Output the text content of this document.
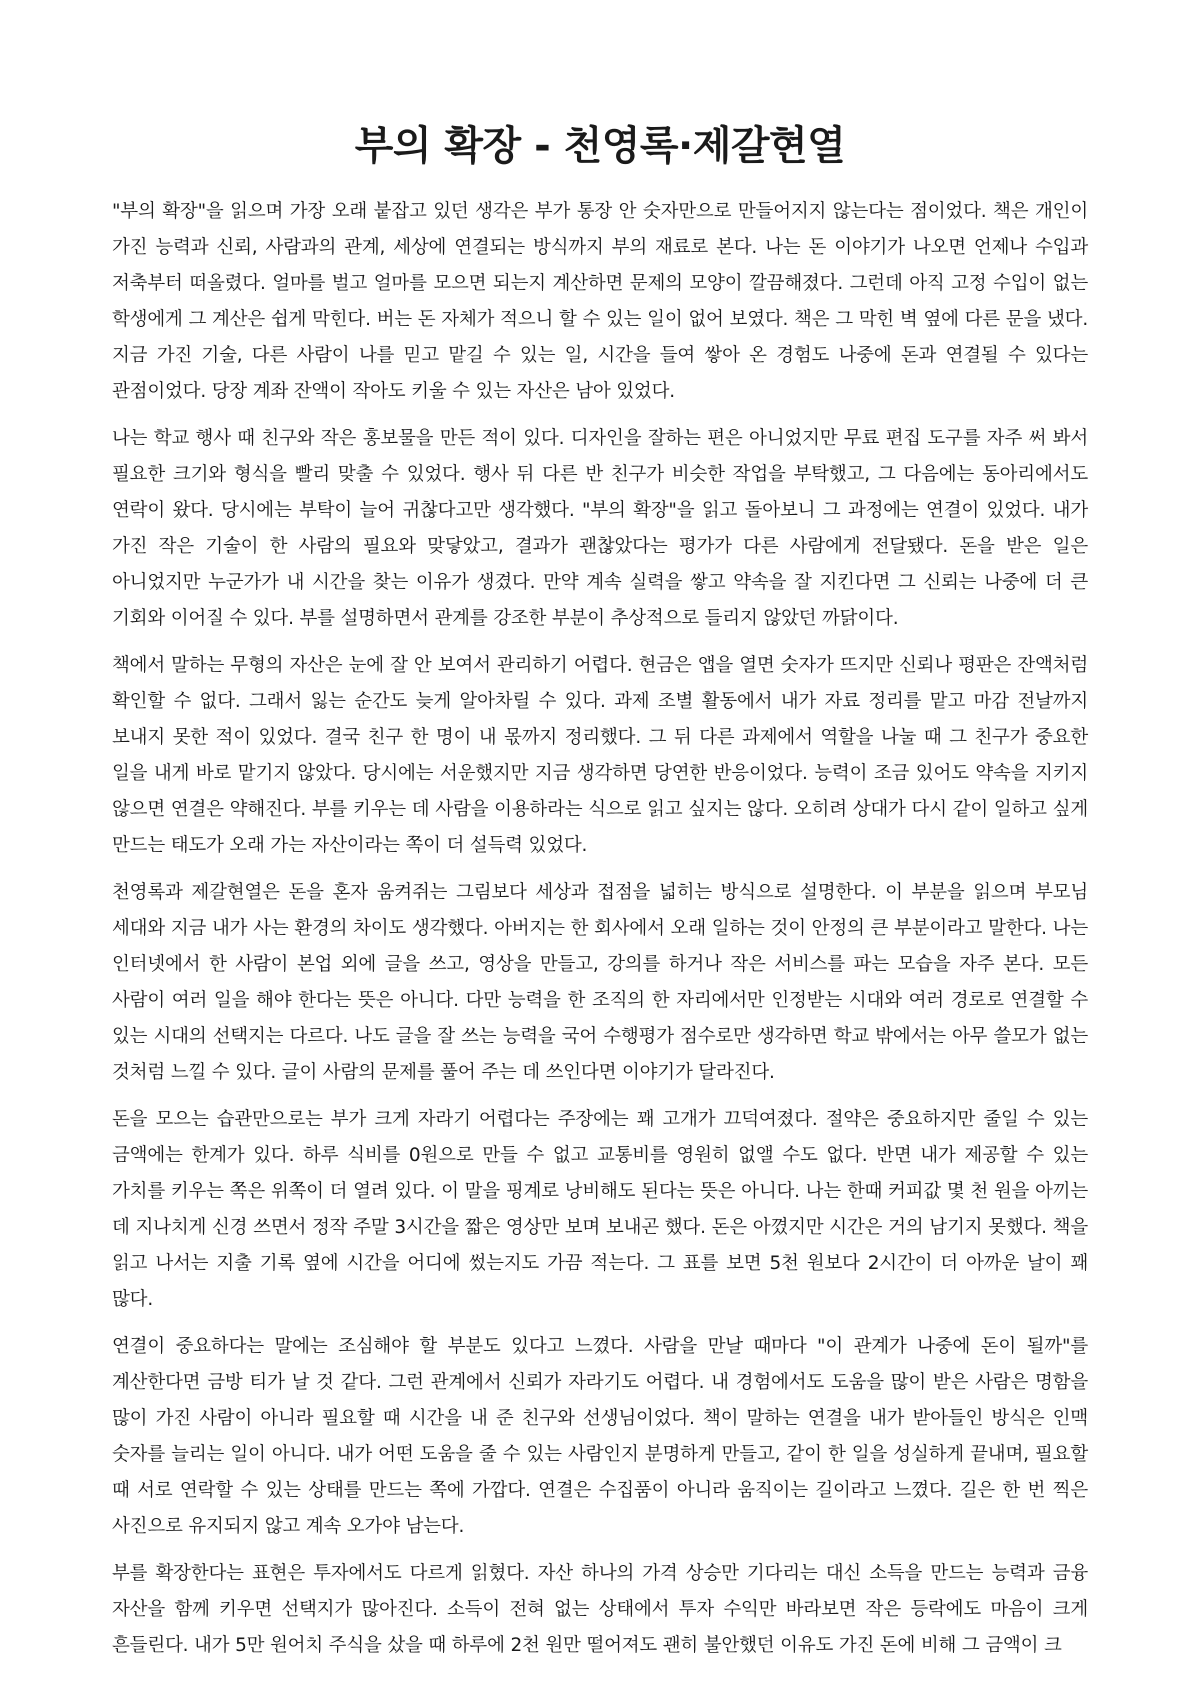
부의 확장 - 천영록·제갈현열

"부의 확장"을 읽으며 가장 오래 붙잡고 있던 생각은 부가 통장 안 숫자만으로 만들어지지 않는다는 점이었다. 책은 개인이 가진 능력과 신뢰, 사람과의 관계, 세상에 연결되는 방식까지 부의 재료로 본다. 나는 돈 이야기가 나오면 언제나 수입과 저축부터 떠올렸다. 얼마를 벌고 얼마를 모으면 되는지 계산하면 문제의 모양이 깔끔해졌다. 그런데 아직 고정 수입이 없는 학생에게 그 계산은 쉽게 막힌다. 버는 돈 자체가 적으니 할 수 있는 일이 없어 보였다. 책은 그 막힌 벽 옆에 다른 문을 냈다. 지금 가진 기술, 다른 사람이 나를 믿고 맡길 수 있는 일, 시간을 들여 쌓아 온 경험도 나중에 돈과 연결될 수 있다는 관점이었다. 당장 계좌 잔액이 작아도 키울 수 있는 자산은 남아 있었다.

나는 학교 행사 때 친구와 작은 홍보물을 만든 적이 있다. 디자인을 잘하는 편은 아니었지만 무료 편집 도구를 자주 써 봐서 필요한 크기와 형식을 빨리 맞출 수 있었다. 행사 뒤 다른 반 친구가 비슷한 작업을 부탁했고, 그 다음에는 동아리에서도 연락이 왔다. 당시에는 부탁이 늘어 귀찮다고만 생각했다. "부의 확장"을 읽고 돌아보니 그 과정에는 연결이 있었다. 내가 가진 작은 기술이 한 사람의 필요와 맞닿았고, 결과가 괜찮았다는 평가가 다른 사람에게 전달됐다. 돈을 받은 일은 아니었지만 누군가가 내 시간을 찾는 이유가 생겼다. 만약 계속 실력을 쌓고 약속을 잘 지킨다면 그 신뢰는 나중에 더 큰 기회와 이어질 수 있다. 부를 설명하면서 관계를 강조한 부분이 추상적으로 들리지 않았던 까닭이다.

책에서 말하는 무형의 자산은 눈에 잘 안 보여서 관리하기 어렵다. 현금은 앱을 열면 숫자가 뜨지만 신뢰나 평판은 잔액처럼 확인할 수 없다. 그래서 잃는 순간도 늦게 알아차릴 수 있다. 과제 조별 활동에서 내가 자료 정리를 맡고 마감 전날까지 보내지 못한 적이 있었다. 결국 친구 한 명이 내 몫까지 정리했다. 그 뒤 다른 과제에서 역할을 나눌 때 그 친구가 중요한 일을 내게 바로 맡기지 않았다. 당시에는 서운했지만 지금 생각하면 당연한 반응이었다. 능력이 조금 있어도 약속을 지키지 않으면 연결은 약해진다. 부를 키우는 데 사람을 이용하라는 식으로 읽고 싶지는 않다. 오히려 상대가 다시 같이 일하고 싶게 만드는 태도가 오래 가는 자산이라는 쪽이 더 설득력 있었다.

천영록과 제갈현열은 돈을 혼자 움켜쥐는 그림보다 세상과 접점을 넓히는 방식으로 설명한다. 이 부분을 읽으며 부모님 세대와 지금 내가 사는 환경의 차이도 생각했다. 아버지는 한 회사에서 오래 일하는 것이 안정의 큰 부분이라고 말한다. 나는 인터넷에서 한 사람이 본업 외에 글을 쓰고, 영상을 만들고, 강의를 하거나 작은 서비스를 파는 모습을 자주 본다. 모든 사람이 여러 일을 해야 한다는 뜻은 아니다. 다만 능력을 한 조직의 한 자리에서만 인정받는 시대와 여러 경로로 연결할 수 있는 시대의 선택지는 다르다. 나도 글을 잘 쓰는 능력을 국어 수행평가 점수로만 생각하면 학교 밖에서는 아무 쓸모가 없는 것처럼 느낄 수 있다. 글이 사람의 문제를 풀어 주는 데 쓰인다면 이야기가 달라진다.

돈을 모으는 습관만으로는 부가 크게 자라기 어렵다는 주장에는 꽤 고개가 끄덕여졌다. 절약은 중요하지만 줄일 수 있는 금액에는 한계가 있다. 하루 식비를 0원으로 만들 수 없고 교통비를 영원히 없앨 수도 없다. 반면 내가 제공할 수 있는 가치를 키우는 쪽은 위쪽이 더 열려 있다. 이 말을 핑계로 낭비해도 된다는 뜻은 아니다. 나는 한때 커피값 몇 천 원을 아끼는 데 지나치게 신경 쓰면서 정작 주말 3시간을 짧은 영상만 보며 보내곤 했다. 돈은 아꼈지만 시간은 거의 남기지 못했다. 책을 읽고 나서는 지출 기록 옆에 시간을 어디에 썼는지도 가끔 적는다. 그 표를 보면 5천 원보다 2시간이 더 아까운 날이 꽤 많다.

연결이 중요하다는 말에는 조심해야 할 부분도 있다고 느꼈다. 사람을 만날 때마다 "이 관계가 나중에 돈이 될까"를 계산한다면 금방 티가 날 것 같다. 그런 관계에서 신뢰가 자라기도 어렵다. 내 경험에서도 도움을 많이 받은 사람은 명함을 많이 가진 사람이 아니라 필요할 때 시간을 내 준 친구와 선생님이었다. 책이 말하는 연결을 내가 받아들인 방식은 인맥 숫자를 늘리는 일이 아니다. 내가 어떤 도움을 줄 수 있는 사람인지 분명하게 만들고, 같이 한 일을 성실하게 끝내며, 필요할 때 서로 연락할 수 있는 상태를 만드는 쪽에 가깝다. 연결은 수집품이 아니라 움직이는 길이라고 느꼈다. 길은 한 번 찍은 사진으로 유지되지 않고 계속 오가야 남는다.

부를 확장한다는 표현은 투자에서도 다르게 읽혔다. 자산 하나의 가격 상승만 기다리는 대신 소득을 만드는 능력과 금융 자산을 함께 키우면 선택지가 많아진다. 소득이 전혀 없는 상태에서 투자 수익만 바라보면 작은 등락에도 마음이 크게 흔들린다. 내가 5만 원어치 주식을 샀을 때 하루에 2천 원만 떨어져도 괜히 불안했던 이유도 가진 돈에 비해 그 금액이 크
